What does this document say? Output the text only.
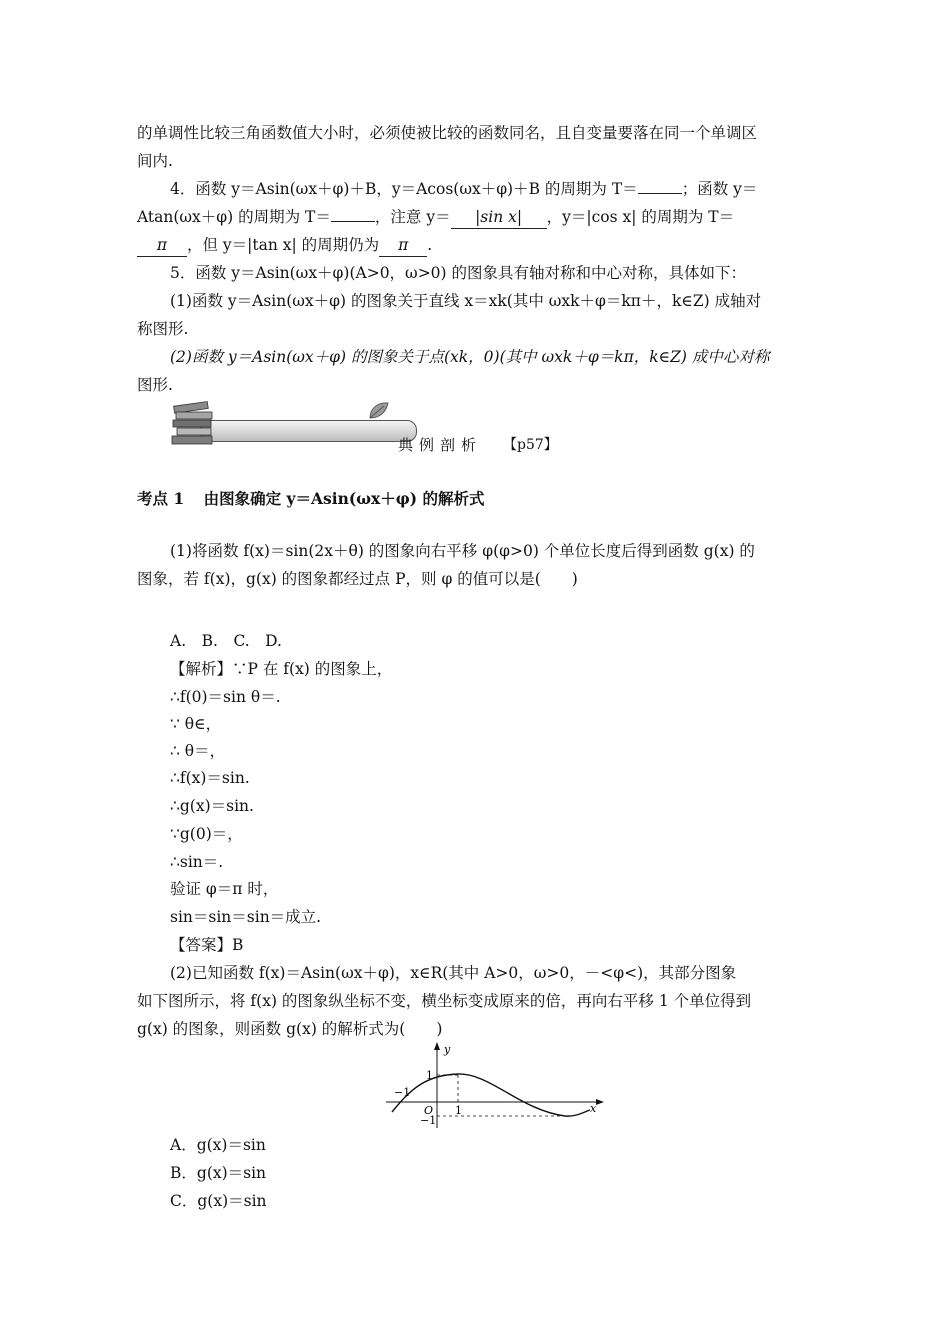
的单调性比较三角函数值大小时，必须使被比较的函数同名，且自变量要落在同一个单调区
间内.
4．函数 y＝Asin(ωx＋φ)＋B，y＝Acos(ωx＋φ)＋B 的周期为 T＝	；函数 y＝
Atan(ωx＋φ) 的周期为 T＝	，注意 y＝ |sin x| ，y＝|cos x| 的周期为 T＝
π ，但 y＝|tan x| 的周期仍为 π .
5．函数 y＝Asin(ωx＋φ)(A>0，ω>0) 的图象具有轴对称和中心对称，具体如下：
(1)函数 y＝Asin(ωx＋φ) 的图象关于直线 x＝xk(其中 ωxk＋φ＝kπ＋，k∈Z) 成轴对
称图形.
(2)函数 y＝Asin(ωx＋φ) 的图象关于点(xk，0)(其中 ωxk＋φ＝kπ，k∈Z) 成中心对称
图形.
典例剖析 【p57】
考点 1 由图象确定 y＝Asin(ωx＋φ) 的解析式
(1)将函数 f(x)＝sin(2x＋θ) 的图象向右平移 φ(φ>0) 个单位长度后得到函数 g(x) 的
图象，若 f(x)，g(x) 的图象都经过点 P，则 φ 的值可以是(　　)
A.　B.　C.　D.
【解析】∵P 在 f(x) 的图象上，
∴f(0)＝sin θ＝.
∵ θ∈，
∴ θ＝，
∴f(x)＝sin.
∴g(x)＝sin.
∵g(0)＝，
∴sin＝.
验证 φ＝π 时，
sin＝sin＝sin＝成立.
【答案】B
(2)已知函数 f(x)＝Asin(ωx＋φ)，x∈R(其中 A>0，ω>0，－<φ<)，其部分图象
如下图所示，将 f(x) 的图象纵坐标不变，横坐标变成原来的倍，再向右平移 1 个单位得到
g(x) 的图象，则函数 g(x) 的解析式为(　　)
y
x
1
−1
O 1
−1
A．g(x)＝sin
B．g(x)＝sin
C．g(x)＝sin
